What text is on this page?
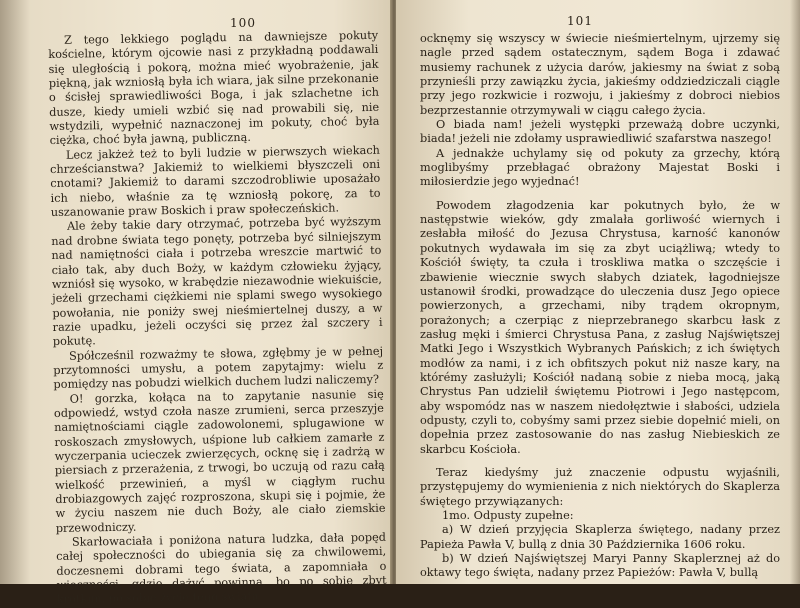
100

Z tego lekkiego poglądu na dawniejsze pokuty kościelne, którym ojcowie nasi z przykładną poddawali się uległością i pokorą, można mieć wyobrażenie, jak piękną, jak wzniosłą była ich wiara, jak silne przekonanie o ścisłej sprawiedliwości Boga, i jak szlachetne ich dusze, kiedy umieli wzbić się nad prowabili się, nie wstydzili, wypełnić naznaczonej im pokuty, choć była ciężka, choć była jawną, publiczną.

Lecz jakżeż też to byli ludzie w pierwszych wiekach chrześcianstwa? Jakiemiż to wielkiemi błyszczeli oni cnotami? Jakiemiż to darami szczodrobliwie uposażało ich niebo, właśnie za tę wzniosłą pokorę, za to uszanowanie praw Boskich i praw społeczeńskich.

Ale żeby takie dary otrzymać, potrzeba być wyższym nad drobne świata tego ponęty, potrzeba być silniejszym nad namiętności ciała i potrzeba wreszcie martwić to ciało tak, aby duch Boży, w każdym człowieku żyjący, wzniósł się wysoko, w krabędzie niezawodnie wiekuiście, jeżeli grzechami ciężkiemi nie splami swego wysokiego powołania, nie poniży swej nieśmiertelnej duszy, a w razie upadku, jeżeli oczyści się przez żal szczery i pokutę.

Spółcześnil rozważmy te słowa, zgłębmy je w pełnej przytomności umysłu, a potem zapytajmy: wielu z pomiędzy nas pobudzi wielkich duchem ludzi naliczemy?

O! gorzka, kołąca na to zapytanie nasunie się odpowiedź, wstyd czoła nasze zrumieni, serca przeszyje namiętnościami ciągle zadowolonemi, splugawione w roskoszach zmysłowych, uśpione lub całkiem zamarłe z wyczerpania ucieczek zwierzęcych, ocknę się i zadrżą w piersiach z przerażenia, z trwogi, bo uczują od razu całą wielkość przewinień, a myśl w ciągłym ruchu drobiazgowych zajęć rozproszona, skupi się i pojmie, że w życiu naszem nie duch Boży, ale ciało ziemskie przewodniczy.

Skarłowaciała i poniżona natura ludzka, dała popęd całej społeczności do ubiegania się za chwilowemi, doczesnemi dobrami tego świata, a zapomniała o wieczności, gdzie dążyć powinna, bo po sobie zbyt krótkim, po sobie życie tego świata

101

ocknęmy się wszyscy w świecie nieśmiertelnym, ujrzemy się nagle przed sądem ostatecznym, sądem Boga i zdawać musiemy rachunek z użycia darów, jakiesmy na świat z sobą przynieśli przy zawiązku życia, jakieśmy oddziedziczali ciągle przy jego rozkwicie i rozwoju, i jakieśmy z dobroci niebios bezprzestannie otrzymywali w ciągu całego życia.

O biada nam! jeżeli występki przeważą dobre uczynki, biada! jeżeli nie zdołamy usprawiedliwić szafarstwa naszego!

A jednakże uchylamy się od pokuty za grzechy, którą moglibyśmy przebłagać obrażony Majestat Boski i miłosierdzie jego wyjednać!

Powodem złagodzenia kar pokutnych było, że w następstwie wieków, gdy zmalała gorliwość wiernych i zesłabła miłość do Jezusa Chrystusa, karność kanonów pokutnych wydawała im się za zbyt uciążliwą; wtedy to Kościół święty, ta czuła i troskliwa matka o szczęście i zbawienie wiecznie swych słabych dziatek, łagodniejsze ustanowił środki, prowadzące do uleczenia dusz Jego opiece powierzonych, a grzechami, niby trądem okropnym, porażonych; a czerpiąc z nieprzebranego skarbcu łask z zasług męki i śmierci Chrystusa Pana, z zasług Najświętszej Matki Jego i Wszystkich Wybranych Pańskich; z ich świętych modłów za nami, i z ich obfitszych pokut niż nasze kary, na którémy zasłużyli; Kościół nadaną sobie z nieba mocą, jaką Chrystus Pan udzielił świętemu Piotrowi i Jego następcom, aby wspomódz nas w naszem niedołęztwie i słabości, udziela odpusty, czyli to, cobyśmy sami przez siebie dopełnić mieli, on dopełnia przez zastosowanie do nas zasług Niebieskich ze skarbcu Kościoła.

Teraz kiedyśmy już znaczenie odpustu wyjaśnili, przystępujemy do wymienienia z nich niektórych do Skaplerza świętego przywiązanych:

1mo. Odpusty zupełne:

a) W dzień przyjęcia Skaplerza świętego, nadany przez Papieża Pawła V, bullą z dnia 30 Października 1606 roku.

b) W dzień Najświętszej Maryi Panny Skaplerznej aż do oktawy tego święta, nadany przez Papieżów: Pawła V, bullą
